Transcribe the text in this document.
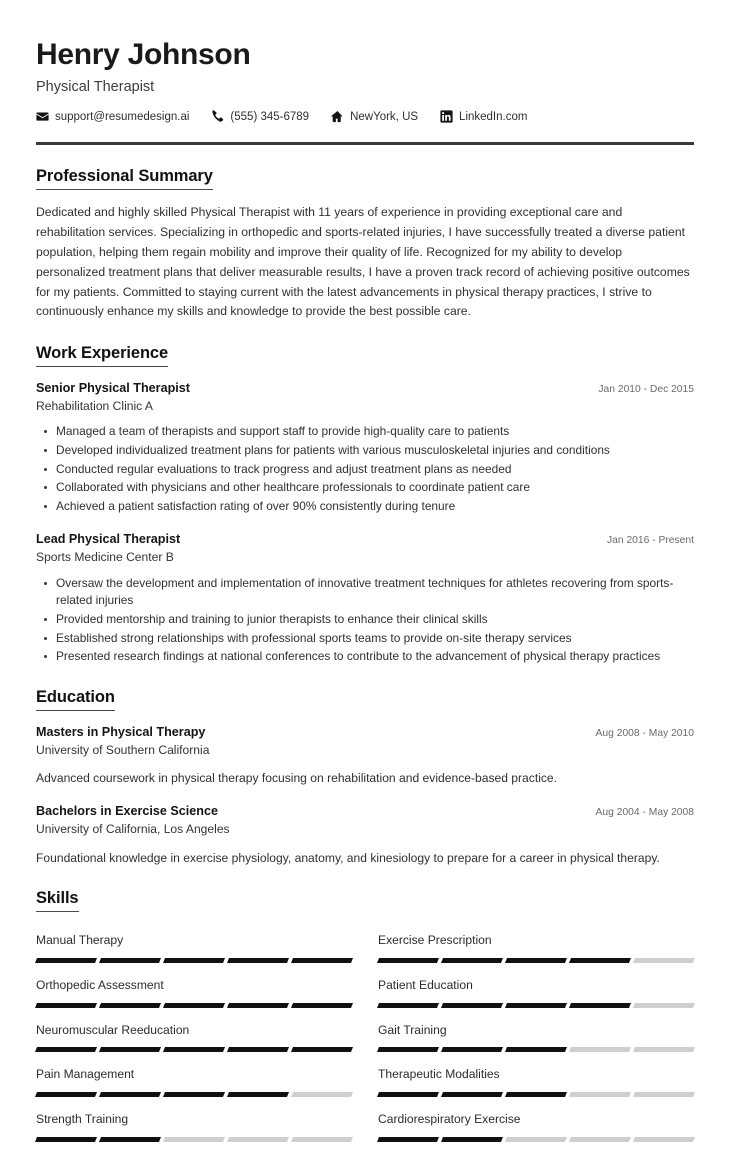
Henry Johnson
Physical Therapist
support@resumedesign.ai	(555) 345-6789	NewYork, US	LinkedIn.com
Professional Summary

Dedicated and highly skilled Physical Therapist with 11 years of experience in providing exceptional care and rehabilitation services. Specializing in orthopedic and sports-related injuries, I have successfully treated a diverse patient population, helping them regain mobility and improve their quality of life. Recognized for my ability to develop personalized treatment plans that deliver measurable results, I have a proven track record of achieving positive outcomes for my patients. Committed to staying current with the latest advancements in physical therapy practices, I strive to continuously enhance my skills and knowledge to provide the best possible care.

Work Experience
Senior Physical Therapist	Jan 2010 - Dec 2015
Rehabilitation Clinic A
Managed a team of therapists and support staff to provide high-quality care to patients
Developed individualized treatment plans for patients with various musculoskeletal injuries and conditions
Conducted regular evaluations to track progress and adjust treatment plans as needed
Collaborated with physicians and other healthcare professionals to coordinate patient care
Achieved a patient satisfaction rating of over 90% consistently during tenure
Lead Physical Therapist	Jan 2016 - Present
Sports Medicine Center B
Oversaw the development and implementation of innovative treatment techniques for athletes recovering from sports-related injuries
Provided mentorship and training to junior therapists to enhance their clinical skills
Established strong relationships with professional sports teams to provide on-site therapy services
Presented research findings at national conferences to contribute to the advancement of physical therapy practices
Education
Masters in Physical Therapy	Aug 2008 - May 2010
University of Southern California
Advanced coursework in physical therapy focusing on rehabilitation and evidence-based practice.
Bachelors in Exercise Science	Aug 2004 - May 2008
University of California, Los Angeles
Foundational knowledge in exercise physiology, anatomy, and kinesiology to prepare for a career in physical therapy.
Skills
Manual Therapy	Exercise Prescription
Orthopedic Assessment	Patient Education
Neuromuscular Reeducation	Gait Training
Pain Management	Therapeutic Modalities
Strength Training	Cardiorespiratory Exercise
